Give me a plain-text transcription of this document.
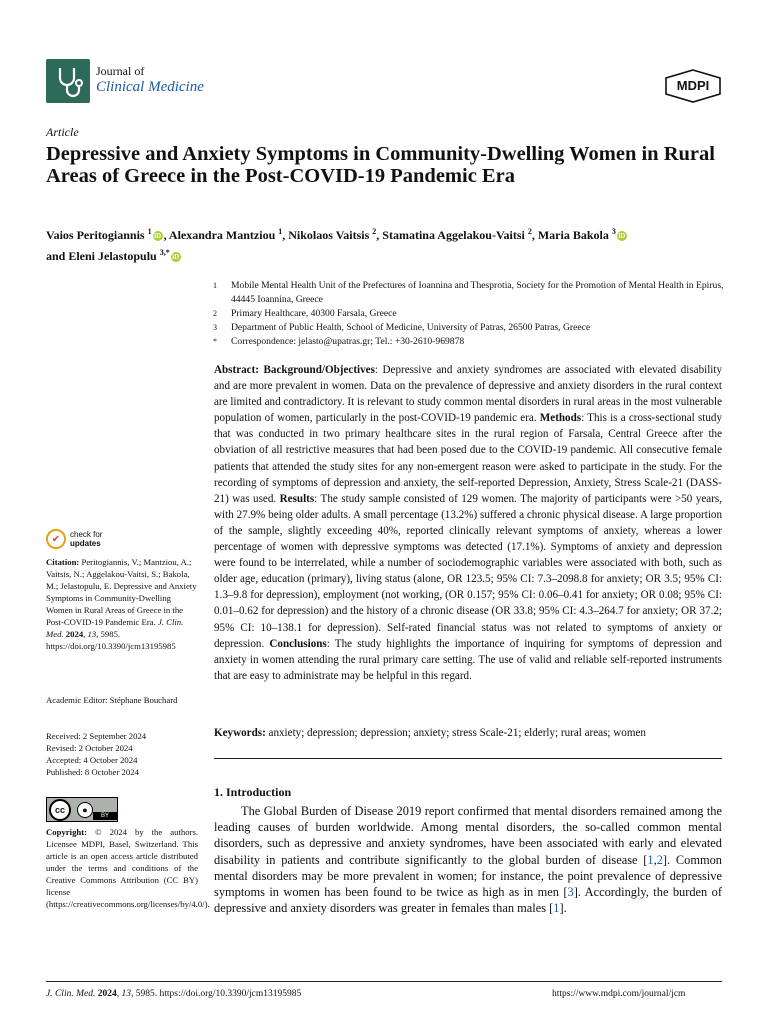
Journal of
Clinical Medicine	MDPI
Article
Depressive and Anxiety Symptoms in Community-Dwelling Women in Rural Areas of Greece in the Post-COVID-19 Pandemic Era
Vaios Peritogiannis $^1$ iD , Alexandra Mantziou $^1$, Nikolaos Vaitsis $^2$, Stamatina Aggelakou-Vaitsi $^2$, Maria Bakola $^3$ iD
and Eleni Jelastopulu $^{3,*}$ iD
1	Mobile Mental Health Unit of the Prefectures of Ioannina and Thesprotia, Society for the Promotion of Mental Health in Epirus, 44445 Ioannina, Greece
2	Primary Healthcare, 40300 Farsala, Greece
3	Department of Public Health, School of Medicine, University of Patras, 26500 Patras, Greece
*	Correspondence: jelasto@upatras.gr; Tel.: +30-2610-969878
Abstract: Background/Objectives: Depressive and anxiety syndromes are associated with elevated disability and are more prevalent in women. Data on the prevalence of depressive and anxiety disorders in the rural context are limited and contradictory. It is relevant to study common mental disorders in rural areas in the most vulnerable population of women, particularly in the post-COVID-19 pandemic era. Methods: This is a cross-sectional study that was conducted in two primary healthcare sites in the rural region of Farsala, Central Greece after the obviation of all restrictive measures that had been posed due to the COVID-19 pandemic. All consecutive female patients that attended the study sites for any non-emergent reason were asked to participate in the study. For the recording of symptoms of depression and anxiety, the self-reported Depression, Anxiety, Stress Scale-21 (DASS-21) was used. Results: The study sample consisted of 129 women. The majority of participants were >50 years, with 27.9% being older adults. A small percentage (13.2%) suffered a chronic physical disease. A large proportion of the sample, slightly exceeding 40%, reported clinically relevant symptoms of anxiety, whereas a lower percentage of women with depressive symptoms was detected (17.1%). Symptoms of anxiety and depression were found to be interrelated, while a number of sociodemographic variables were associated with both, such as older age, education (primary), living status (alone, OR 123.5; 95% CI: 7.3–2098.8 for anxiety; OR 3.5; 95% CI: 1.3–9.8 for depression), employment (not working, (OR 0.157; 95% CI: 0.06–0.41 for anxiety; OR 0.08; 95% CI: 0.01–0.62 for depression) and the history of a chronic disease (OR 33.8; 95% CI: 4.3–264.7 for anxiety; OR 37.2; 95% CI: 10–138.1 for depression). Self-rated financial status was not related to symptoms of anxiety or depression. Conclusions: The study highlights the importance of inquiring for symptoms of depression and anxiety in women attending the rural primary care setting. The use of valid and reliable self-reported instruments that are easy to administrate may be helpful in this regard.
Keywords: anxiety; depression; depression; anxiety; stress Scale-21; elderly; rural areas; women
1. Introduction

The Global Burden of Disease 2019 report confirmed that mental disorders remained among the leading causes of burden worldwide. Among mental disorders, the so-called common mental disorders, such as depressive and anxiety syndromes, have been associated with early and elevated disability in patients and contribute significantly to the global burden of disease [1,2]. Common mental disorders may be more prevalent in women; for instance, the point prevalence of depressive symptoms in women has been found to be twice as high as in men [3]. Accordingly, the burden of depressive and anxiety disorders was greater in females than males [1].

✔	check for
updates
Citation: Peritogiannis, V.; Mantziou, A.; Vaitsis, N.; Aggelakou-Vaitsi, S.; Bakola, M.; Jelastopulu, E. Depressive and Anxiety Symptoms in Community-Dwelling Women in Rural Areas of Greece in the Post-COVID-19 Pandemic Era. J. Clin. Med. 2024, 13, 5985. https://doi.org/10.3390/jcm13195985
Academic Editor: Stéphane Bouchard
Received: 2 September 2024
Revised: 2 October 2024
Accepted: 4 October 2024
Published: 8 October 2024
cc	●
BY
Copyright: © 2024 by the authors. Licensee MDPI, Basel, Switzerland. This article is an open access article distributed under the terms and conditions of the Creative Commons Attribution (CC BY) license (https://creativecommons.org/licenses/by/4.0/).
J. Clin. Med. 2024, 13, 5985. https://doi.org/10.3390/jcm13195985	https://www.mdpi.com/journal/jcm
